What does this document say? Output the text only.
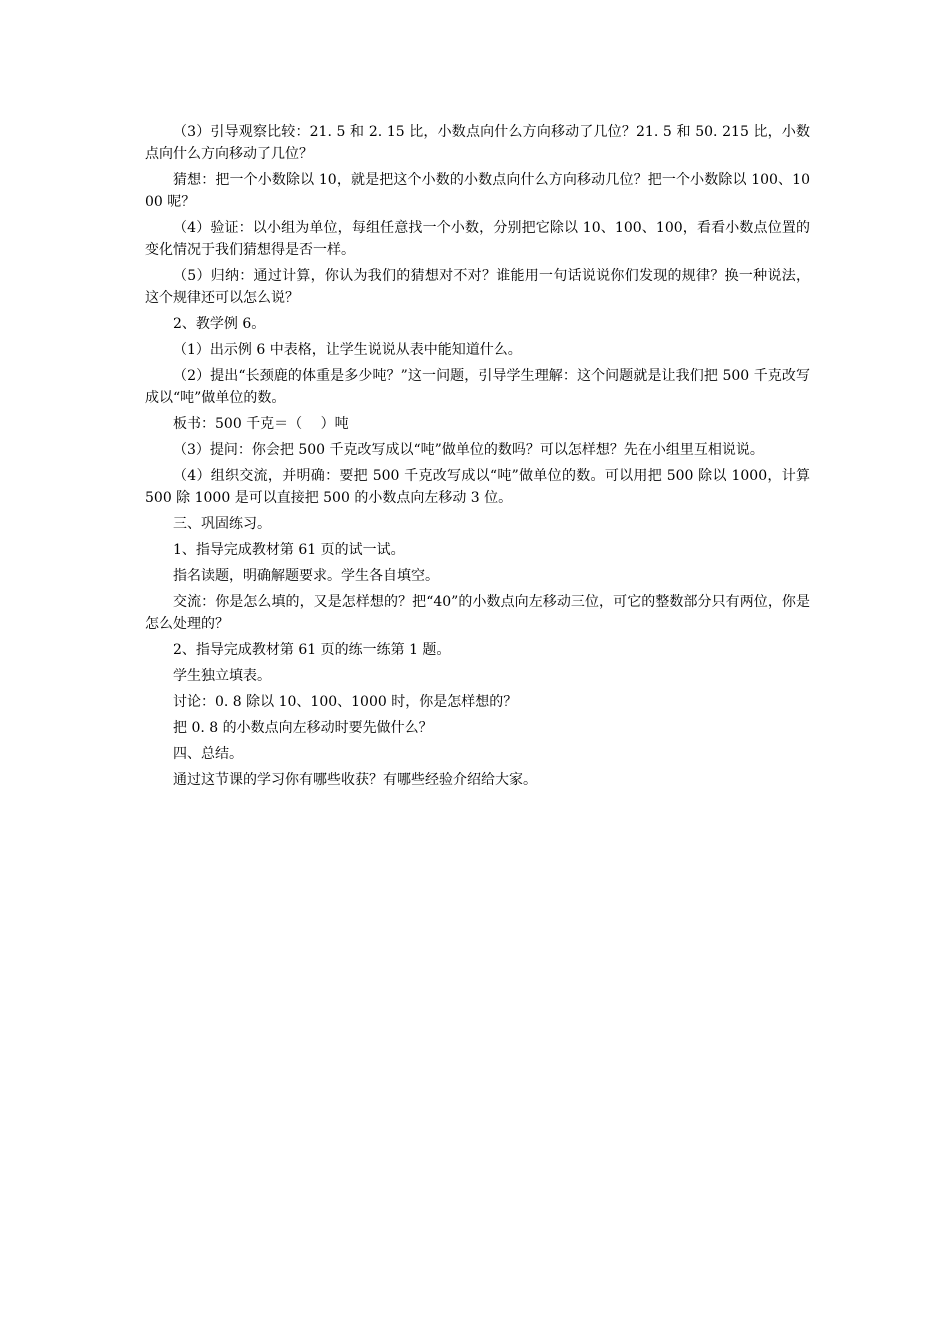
（3）引导观察比较：21. 5 和 2. 15 比，小数点向什么方向移动了几位？21. 5 和 50. 215 比，小数点向什么方向移动了几位？

猜想：把一个小数除以 10，就是把这个小数的小数点向什么方向移动几位？把一个小数除以 100、1000 呢？

（4）验证：以小组为单位，每组任意找一个小数，分别把它除以 10、100、100，看看小数点位置的变化情况于我们猜想得是否一样。

（5）归纳：通过计算，你认为我们的猜想对不对？谁能用一句话说说你们发现的规律？换一种说法，这个规律还可以怎么说？

2、教学例 6。

（1）出示例 6 中表格，让学生说说从表中能知道什么。

（2）提出“长颈鹿的体重是多少吨？”这一问题，引导学生理解：这个问题就是让我们把 500 千克改写成以“吨”做单位的数。

板书：500 千克＝（　 ）吨

（3）提问：你会把 500 千克改写成以“吨”做单位的数吗？可以怎样想？先在小组里互相说说。

（4）组织交流，并明确：要把 500 千克改写成以“吨”做单位的数。可以用把 500 除以 1000，计算 500 除 1000 是可以直接把 500 的小数点向左移动 3 位。

三、巩固练习。

1、指导完成教材第 61 页的试一试。

指名读题，明确解题要求。学生各自填空。

交流：你是怎么填的，又是怎样想的？把“40”的小数点向左移动三位，可它的整数部分只有两位，你是怎么处理的？

2、指导完成教材第 61 页的练一练第 1 题。

学生独立填表。

讨论：0. 8 除以 10、100、1000 时，你是怎样想的？

把 0. 8 的小数点向左移动时要先做什么？

四、总结。

通过这节课的学习你有哪些收获？有哪些经验介绍给大家。
